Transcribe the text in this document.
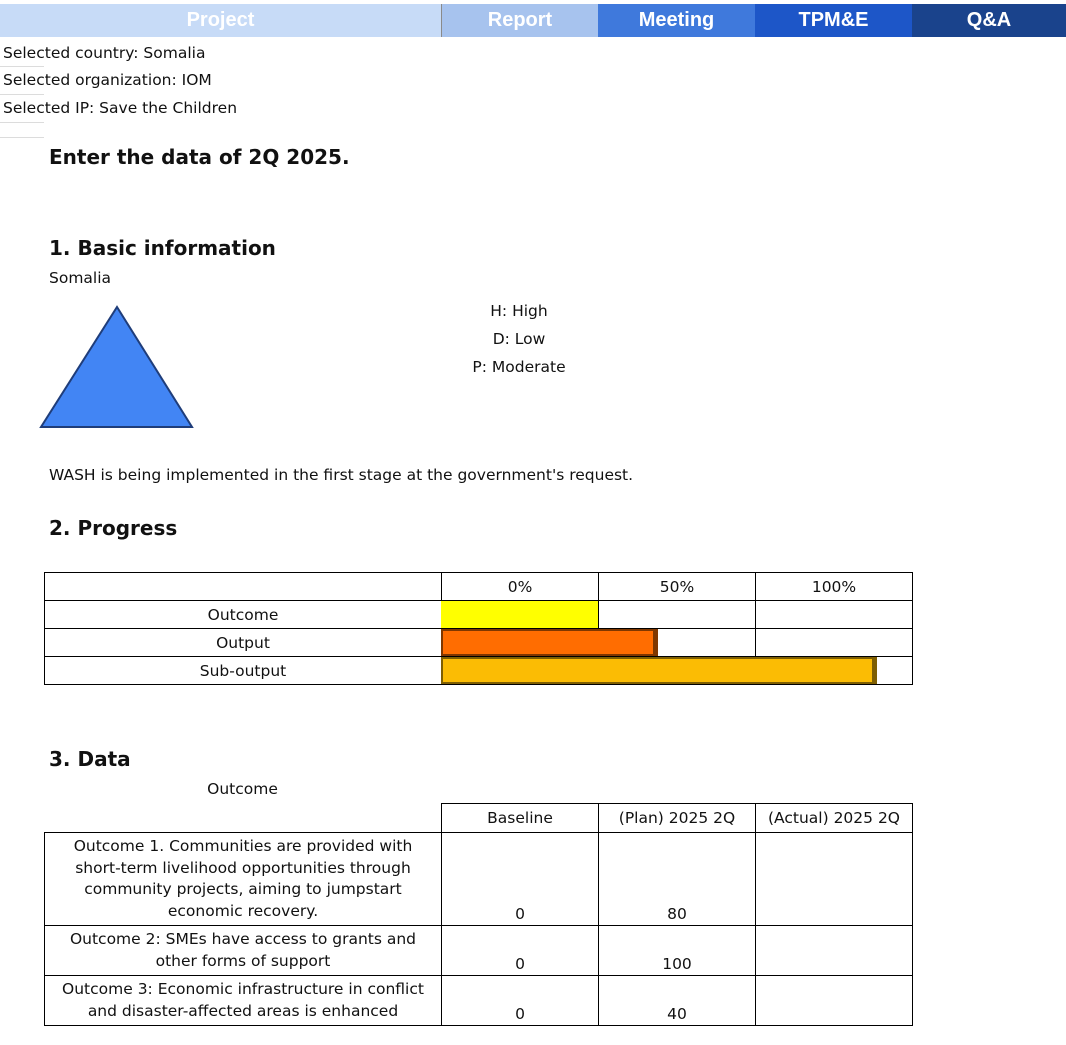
Project	Report	Meeting	TPM&E	Q&A
Selected country: Somalia
Selected organization: IOM
Selected IP: Save the Children
Enter the data of 2Q 2025.
1. Basic information
Somalia
H: High
D: Low
P: Moderate
WASH is being implemented in the first stage at the government's request.
2. Progress
	0%	50%	100%
Outcome			
Output			
Sub-output			
3. Data
Outcome
	Baseline	(Plan) 2025 2Q	(Actual) 2025 2Q
Outcome 1. Communities are provided with short-term livelihood opportunities through community projects, aiming to jumpstart economic recovery.	0	80	
Outcome 2: SMEs have access to grants and other forms of support	0	100	
Outcome 3: Economic infrastructure in conflict and disaster-affected areas is enhanced	0	40	
